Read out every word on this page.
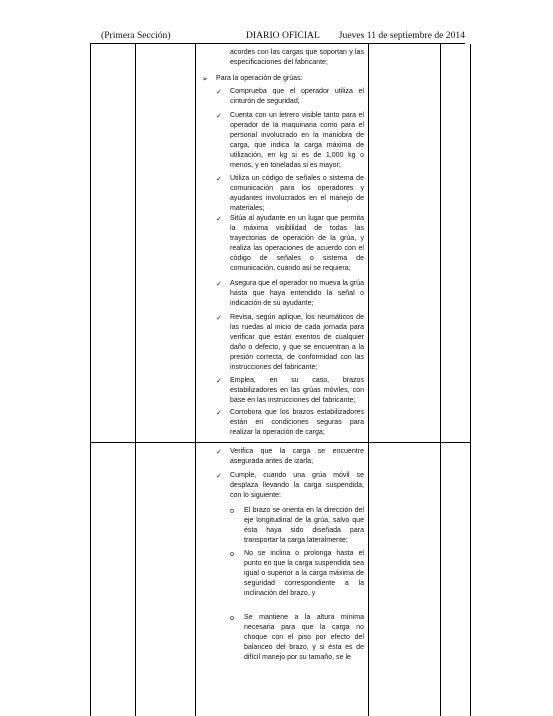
(Primera Sección)	DIARIO OFICIAL Jueves 11 de septiembre de 2014

acordes con las cargas que soportan y las especificaciones del fabricante;
➢ Para la operación de grúas:
✓ Comprueba que el operador utiliza el cinturón de seguridad;
✓ Cuenta con un letrero visible tanto para el operador de la maquinaria como para el personal involucrado en la maniobra de carga, que indica la carga máxima de utilización, en kg si es de 1,000 kg o menos, y en toneladas si es mayor;
✓ Utiliza un código de señales o sistema de comunicación para los operadores y ayudantes involucrados en el manejo de materiales;
✓ Sitúa al ayudante en un lugar que permita la máxima visibilidad de todas las trayectorias de operación de la grúa, y realiza las operaciones de acuerdo con el código de señales o sistema de comunicación, cuando así se requiera;
✓ Asegura que el operador no mueva la grúa hasta que haya entendido la señal o indicación de su ayudante;
✓ Revisa, según aplique, los neumáticos de las ruedas al inicio de cada jornada para verificar que están exentos de cualquier daño o defecto, y que se encuentran a la presión correcta, de conformidad con las instrucciones del fabricante;
✓ Emplea, en su caso, brazos estabilizadores en las grúas móviles, con base en las instrucciones del fabricante;
✓ Corrobora que los brazos estabilizadores están en condiciones seguras para realizar la operación de carga;

✓ Verifica que la carga se encuentre asegurada antes de izarla;
✓ Cumple, cuando una grúa móvil se desplaza llevando la carga suspendida, con lo siguiente:
o El brazo se orienta en la dirección del eje longitudinal de la grúa, salvo que ésta haya sido diseñada para transportar la carga lateralmente;
o No se inclina o prolonga hasta el punto en que la carga suspendida sea igual o superior a la carga máxima de seguridad correspondiente a la inclinación del brazo, y
o Se mantiene a la altura mínima necesaria para que la carga no choque con el piso por efecto del balanceo del brazo, y si ésta es de difícil manejo por su tamaño, se le
